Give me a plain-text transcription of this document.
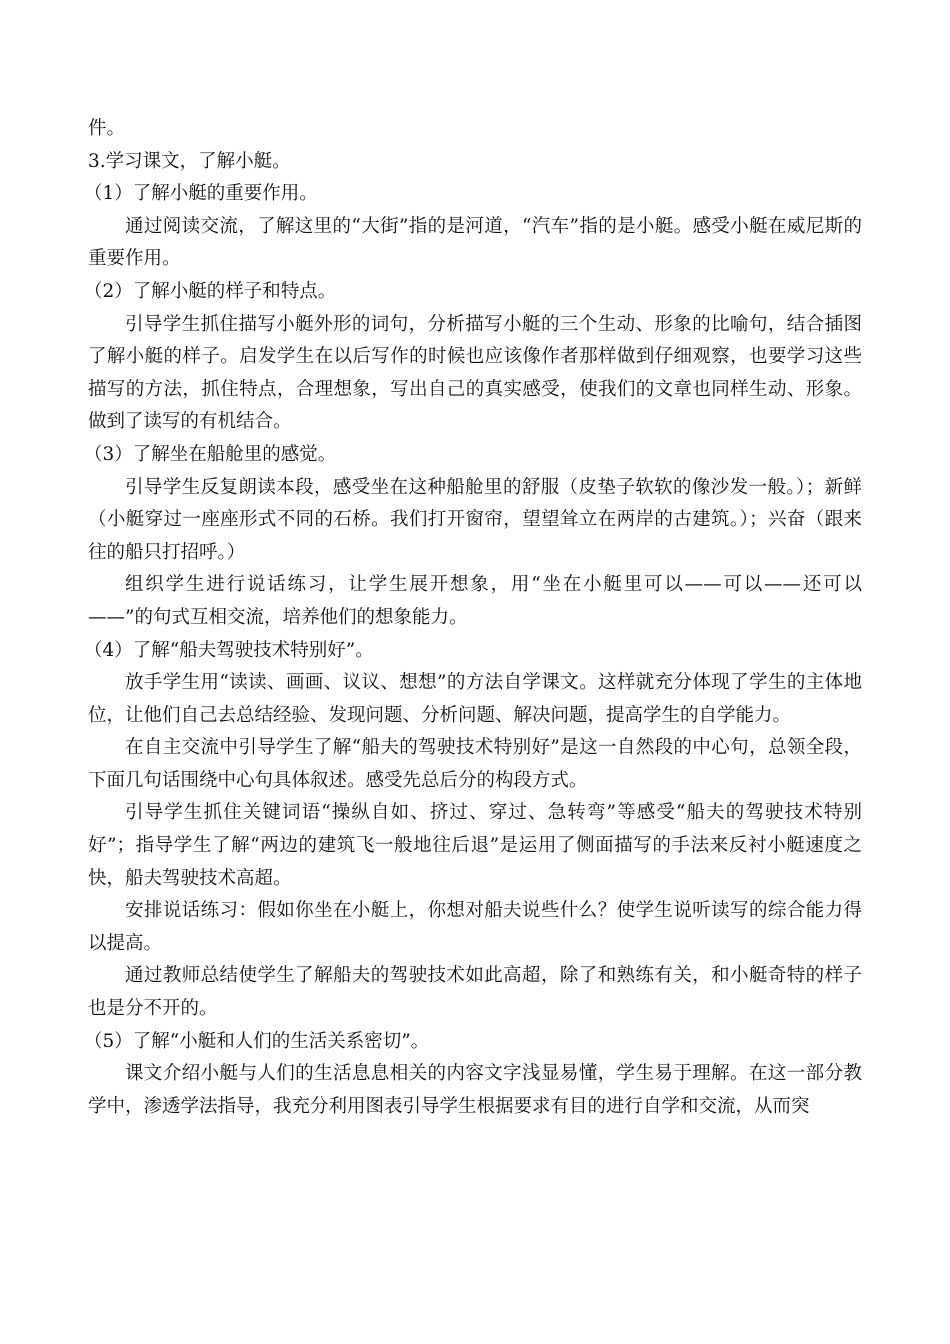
件。

3.学习课文，了解小艇。

（1）了解小艇的重要作用。

通过阅读交流，了解这里的“大街”指的是河道，“汽车”指的是小艇。感受小艇在威尼斯的重要作用。

（2）了解小艇的样子和特点。

引导学生抓住描写小艇外形的词句，分析描写小艇的三个生动、形象的比喻句，结合插图了解小艇的样子。启发学生在以后写作的时候也应该像作者那样做到仔细观察，也要学习这些描写的方法，抓住特点，合理想象，写出自己的真实感受，使我们的文章也同样生动、形象。做到了读写的有机结合。

（3）了解坐在船舱里的感觉。

引导学生反复朗读本段，感受坐在这种船舱里的舒服（皮垫子软软的像沙发一般。）；新鲜（小艇穿过一座座形式不同的石桥。我们打开窗帘，望望耸立在两岸的古建筑。）；兴奋（跟来往的船只打招呼。）

组织学生进行说话练习，让学生展开想象，用“坐在小艇里可以——可以——还可以——”的句式互相交流，培养他们的想象能力。

（4）了解“船夫驾驶技术特别好”。

放手学生用“读读、画画、议议、想想”的方法自学课文。这样就充分体现了学生的主体地位，让他们自己去总结经验、发现问题、分析问题、解决问题，提高学生的自学能力。

在自主交流中引导学生了解“船夫的驾驶技术特别好”是这一自然段的中心句，总领全段，下面几句话围绕中心句具体叙述。感受先总后分的构段方式。

引导学生抓住关键词语“操纵自如、挤过、穿过、急转弯”等感受“船夫的驾驶技术特别好”；指导学生了解“两边的建筑飞一般地往后退”是运用了侧面描写的手法来反衬小艇速度之快，船夫驾驶技术高超。

安排说话练习：假如你坐在小艇上，你想对船夫说些什么？使学生说听读写的综合能力得以提高。

通过教师总结使学生了解船夫的驾驶技术如此高超，除了和熟练有关，和小艇奇特的样子也是分不开的。

（5）了解“小艇和人们的生活关系密切”。

课文介绍小艇与人们的生活息息相关的内容文字浅显易懂，学生易于理解。在这一部分教学中，渗透学法指导，我充分利用图表引导学生根据要求有目的进行自学和交流，从而突
